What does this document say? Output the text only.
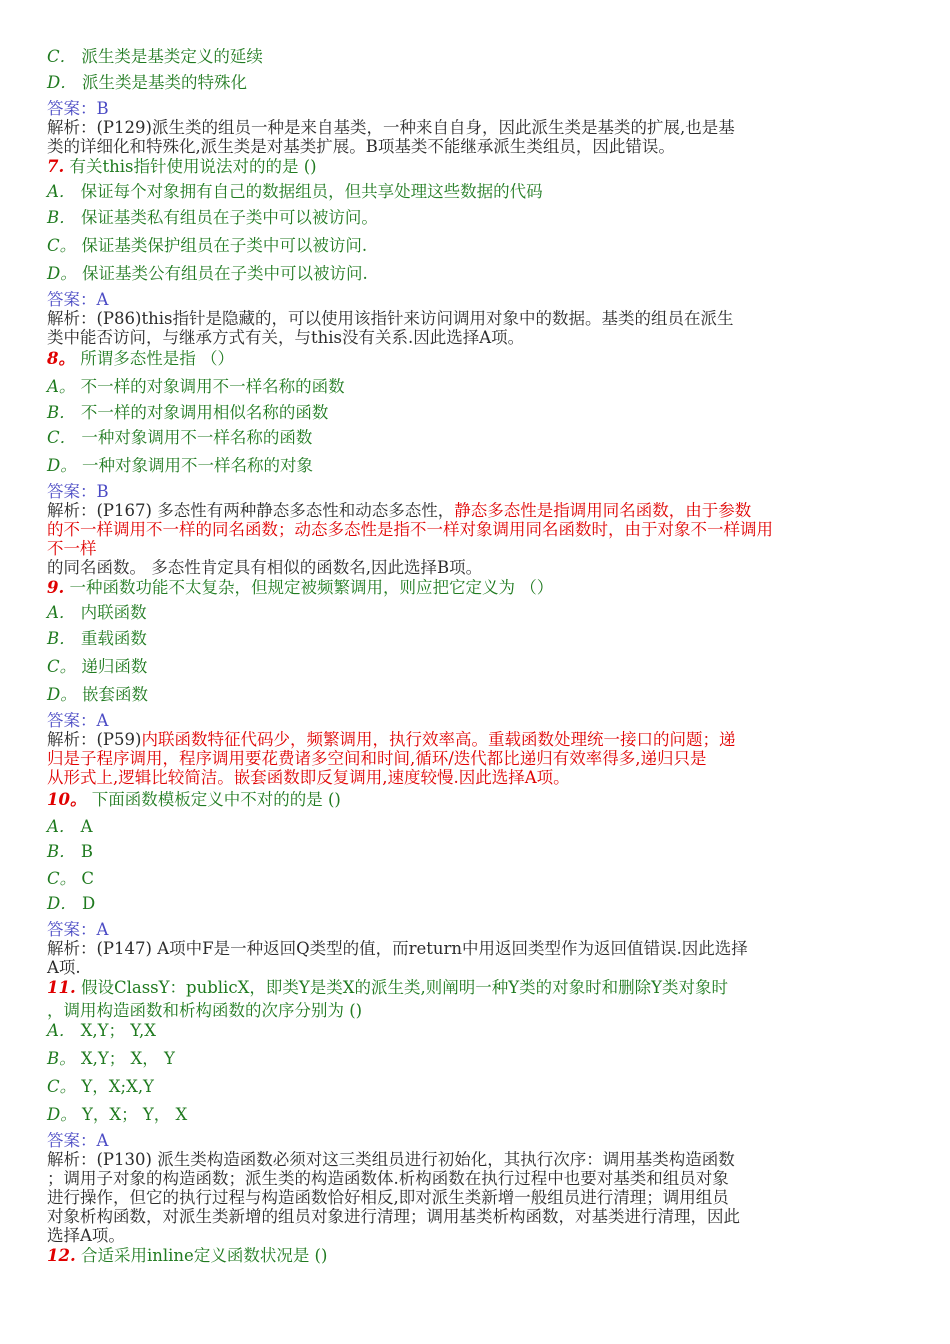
C． 派生类是基类定义的延续
D． 派生类是基类的特殊化
答案：B
解析：(P129)派生类的组员一种是来自基类，一种来自自身，因此派生类是基类的扩展,也是基
类的详细化和特殊化,派生类是对基类扩展。B项基类不能继承派生类组员，因此错误。
7. 有关this指针使用说法对的的是 ()
A． 保证每个对象拥有自己的数据组员，但共享处理这些数据的代码
B． 保证基类私有组员在子类中可以被访问。
C。 保证基类保护组员在子类中可以被访问.
D。 保证基类公有组员在子类中可以被访问.
答案：A
解析：(P86)this指针是隐藏的，可以使用该指针来访问调用对象中的数据。基类的组员在派生
类中能否访问，与继承方式有关，与this没有关系.因此选择A项。
8。 所谓多态性是指 （）
A。 不一样的对象调用不一样名称的函数
B． 不一样的对象调用相似名称的函数
C． 一种对象调用不一样名称的函数
D。 一种对象调用不一样名称的对象
答案：B
解析：(P167) 多态性有两种静态多态性和动态多态性，静态多态性是指调用同名函数，由于参数
的不一样调用不一样的同名函数；动态多态性是指不一样对象调用同名函数时，由于对象不一样调用
不一样
的同名函数。 多态性肯定具有相似的函数名,因此选择B项。
9. 一种函数功能不太复杂，但规定被频繁调用，则应把它定义为 （）
A． 内联函数
B． 重载函数
C。 递归函数
D。 嵌套函数
答案：A
解析：(P59)内联函数特征代码少，频繁调用，执行效率高。重载函数处理统一接口的问题；递
归是子程序调用，程序调用要花费诸多空间和时间,循环/迭代都比递归有效率得多,递归只是
从形式上,逻辑比较简洁。嵌套函数即反复调用,速度较慢.因此选择A项。
10。 下面函数模板定义中不对的的是 ()
A． A
B． B
C。 C
D． D
答案：A
解析：(P147) A项中F是一种返回Q类型的值，而return中用返回类型作为返回值错误.因此选择
A项.
11. 假设ClassY：publicX，即类Y是类X的派生类,则阐明一种Y类的对象时和删除Y类对象时
，调用构造函数和析构函数的次序分别为 ()
A． X,Y； Y,X
B。 X,Y； X， Y
C。 Y，X;X,Y
D。 Y，X； Y， X
答案：A
解析：(P130) 派生类构造函数必须对这三类组员进行初始化，其执行次序：调用基类构造函数
；调用子对象的构造函数；派生类的构造函数体.析构函数在执行过程中也要对基类和组员对象
进行操作，但它的执行过程与构造函数恰好相反,即对派生类新增一般组员进行清理；调用组员
对象析构函数，对派生类新增的组员对象进行清理；调用基类析构函数，对基类进行清理，因此
选择A项。
12. 合适采用inline定义函数状况是 ()
